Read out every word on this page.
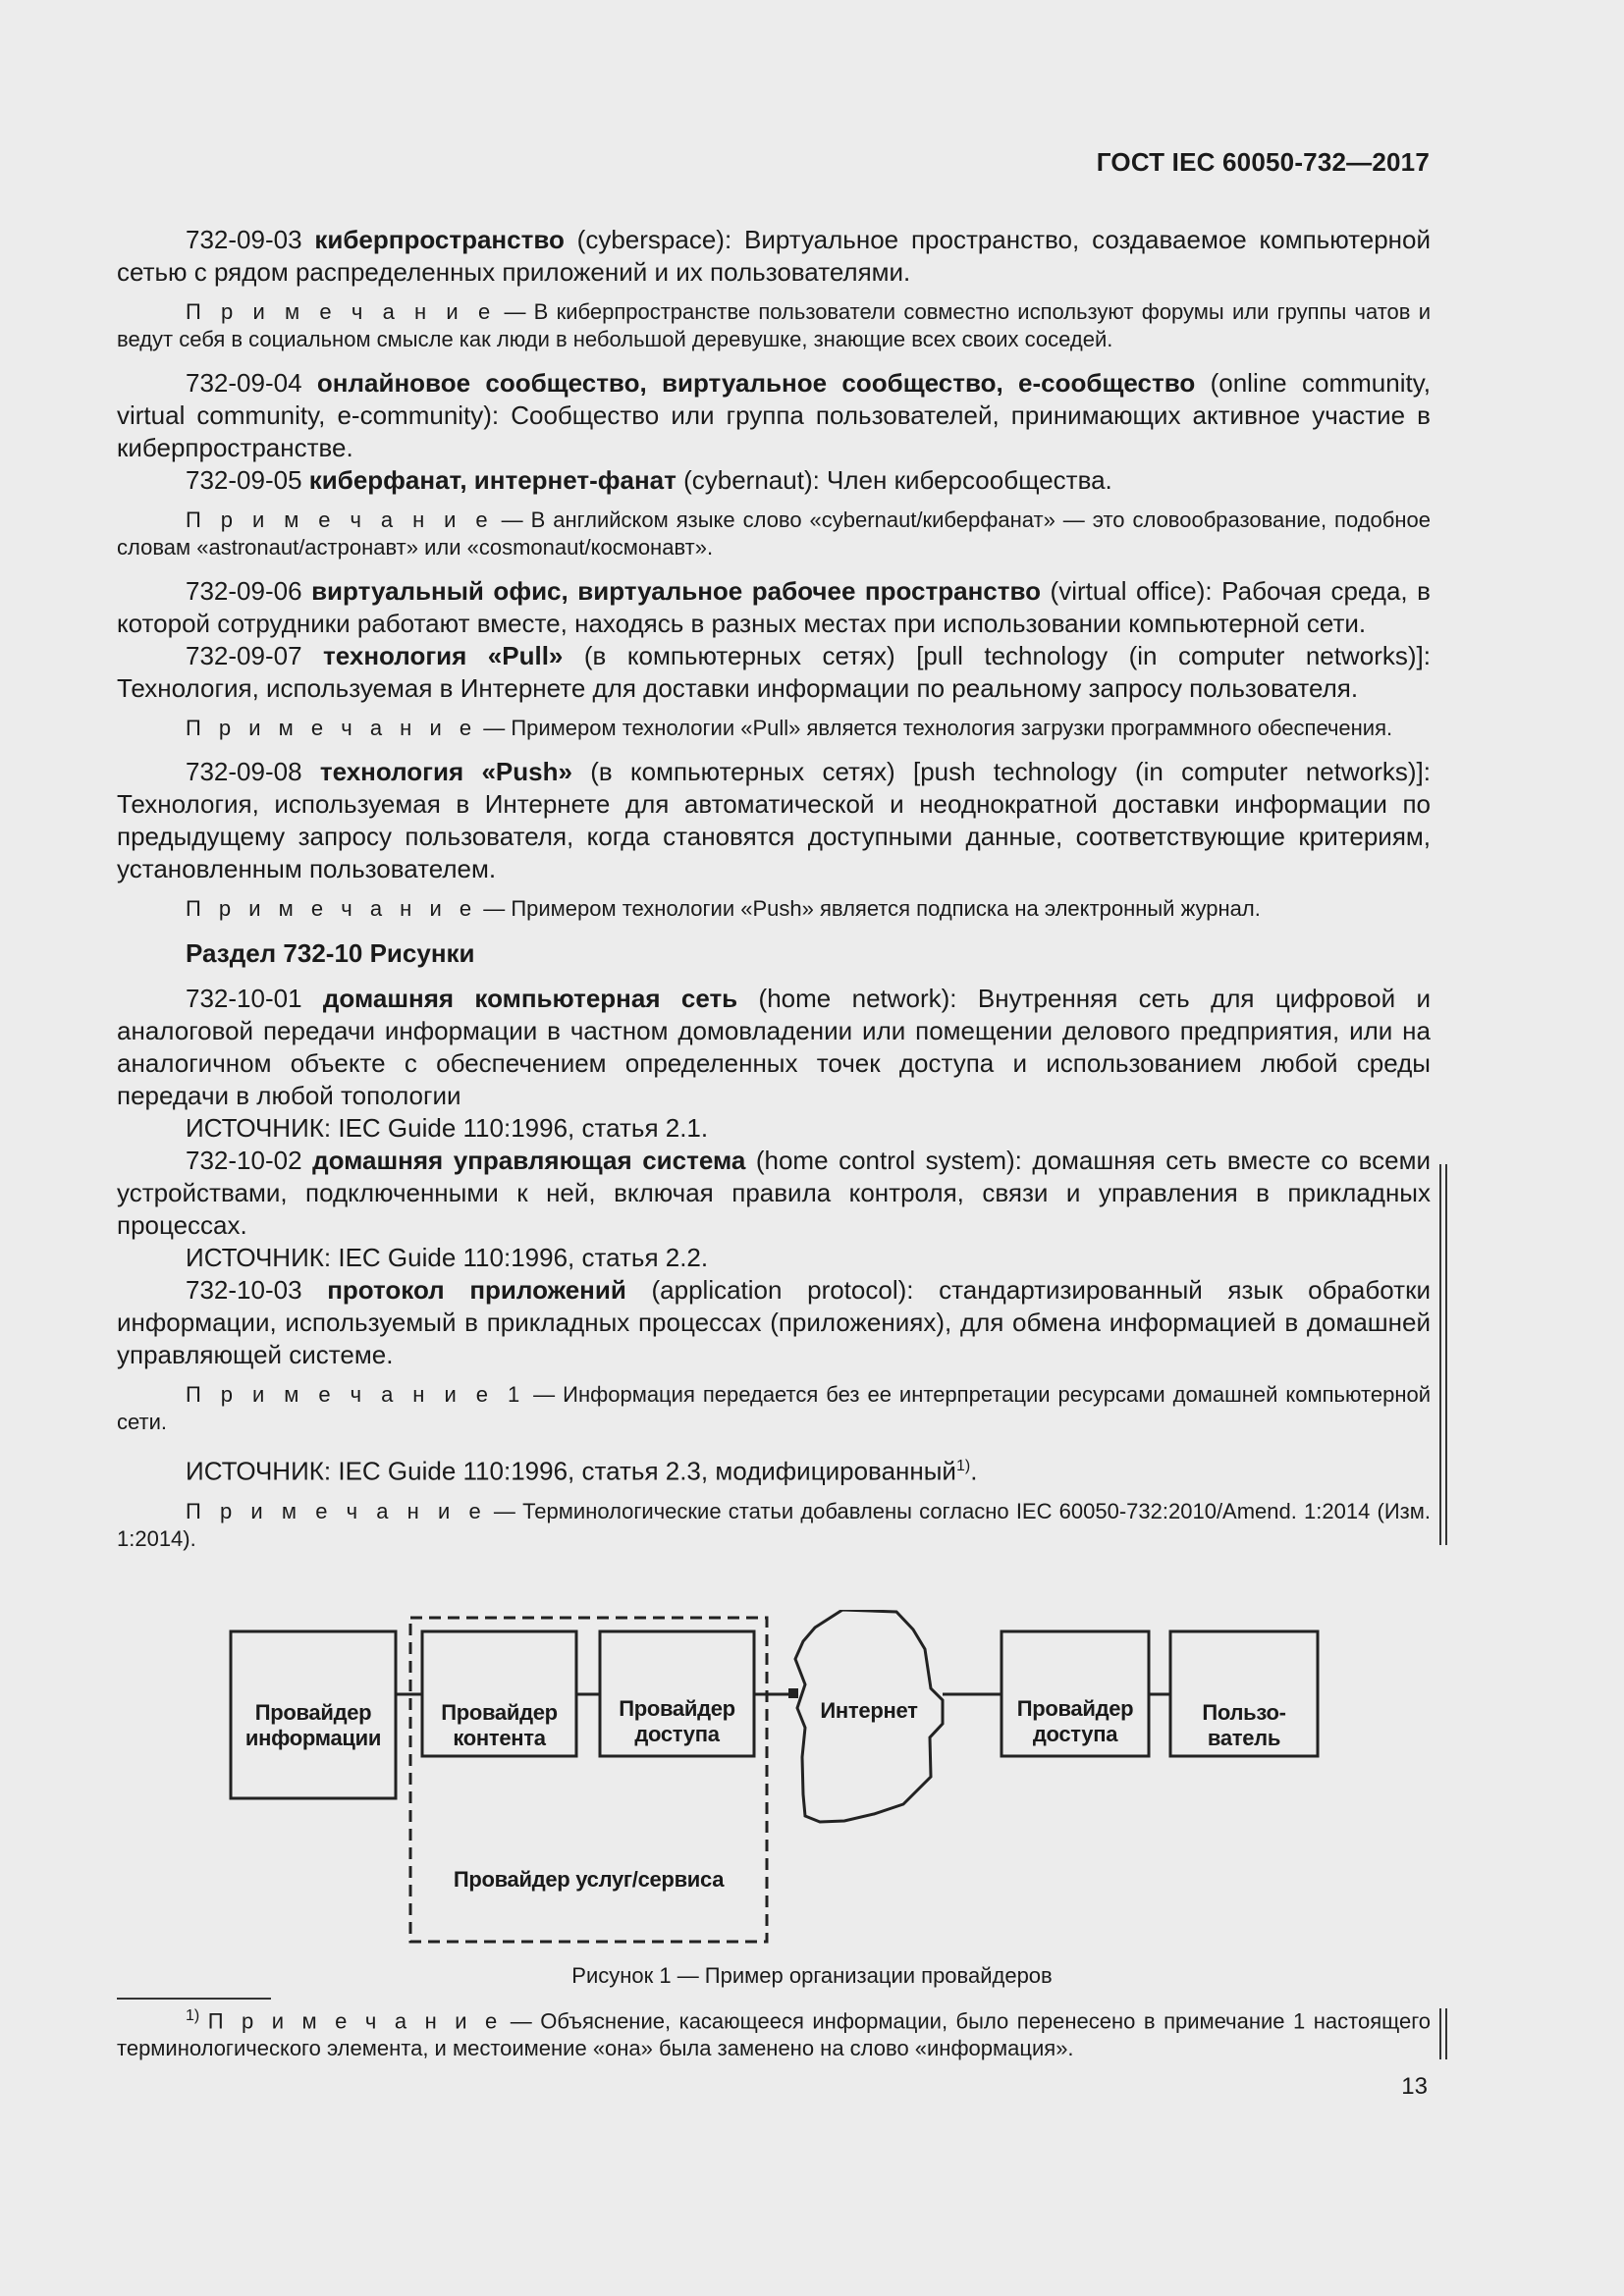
ГОСТ IEC 60050-732—2017

732-09-03 киберпространство (cyberspace): Виртуальное пространство, создаваемое компьютерной сетью с рядом распределенных приложений и их пользователями.

П р и м е ч а н и е — В киберпространстве пользователи совместно используют форумы или группы чатов и ведут себя в социальном смысле как люди в небольшой деревушке, знающие всех своих соседей.

732-09-04 онлайновое сообщество, виртуальное сообщество, е-сообщество (online community, virtual community, e-community): Сообщество или группа пользователей, принимающих активное участие в киберпространстве.

732-09-05 киберфанат, интернет-фанат (cybernaut): Член киберсообщества.

П р и м е ч а н и е — В английском языке слово «cybernaut/киберфанат» — это словообразование, подобное словам «astronaut/астронавт» или «cosmonaut/космонавт».

732-09-06 виртуальный офис, виртуальное рабочее пространство (virtual office): Рабочая среда, в которой сотрудники работают вместе, находясь в разных местах при использовании компьютерной сети.

732-09-07 технология «Pull» (в компьютерных сетях) [pull technology (in computer networks)]: Технология, используемая в Интернете для доставки информации по реальному запросу пользователя.

П р и м е ч а н и е — Примером технологии «Pull» является технология загрузки программного обеспечения.

732-09-08 технология «Push» (в компьютерных сетях) [push technology (in computer networks)]: Технология, используемая в Интернете для автоматической и неоднократной доставки информации по предыдущему запросу пользователя, когда становятся доступными данные, соответствующие критериям, установленным пользователем.

П р и м е ч а н и е — Примером технологии «Push» является подписка на электронный журнал.

Раздел 732-10 Рисунки

732-10-01 домашняя компьютерная сеть (home network): Внутренняя сеть для цифровой и аналоговой передачи информации в частном домовладении или помещении делового предприятия, или на аналогичном объекте с обеспечением определенных точек доступа и использованием любой среды передачи в любой топологии

ИСТОЧНИК: IEC Guide 110:1996, статья 2.1.

732-10-02 домашняя управляющая система (home control system): домашняя сеть вместе со всеми устройствами, подключенными к ней, включая правила контроля, связи и управления в прикладных процессах.

ИСТОЧНИК: IEC Guide 110:1996, статья 2.2.

732-10-03 протокол приложений (application protocol): стандартизированный язык обработки информации, используемый в прикладных процессах (приложениях), для обмена информацией в домашней управляющей системе.

П р и м е ч а н и е 1 — Информация передается без ее интерпретации ресурсами домашней компьютерной сети.

ИСТОЧНИК: IEC Guide 110:1996, статья 2.3, модифицированный$^{1)}$.

П р и м е ч а н и е — Терминологические статьи добавлены согласно IEC 60050-732:2010/Amend. 1:2014 (Изм. 1:2014).

Провайдер
информации
Провайдер
контента
Провайдер
доступа
Интернет	Провайдер
доступа
Пользо-
ватель
Провайдер услуг/сервиса
Рисунок 1 — Пример организации провайдеров
$^{1)}$ П р и м е ч а н и е — Объяснение, касающееся информации, было перенесено в примечание 1 настоящего терминологического элемента, и местоимение «она» была заменено на слово «информация».
13
